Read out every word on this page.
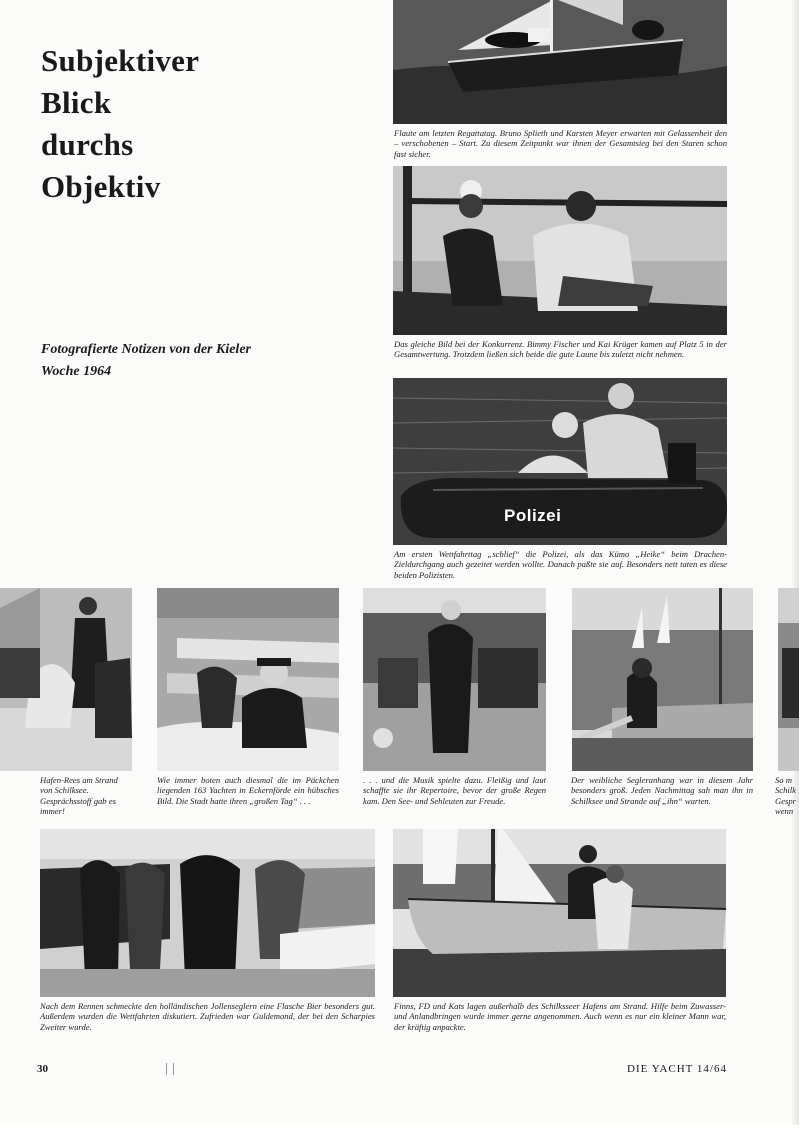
Subjektiver
Blick
durchs
Objektiv
Fotografierte Notizen von der Kieler Woche 1964
Flaute am letzten Regattatag. Bruno Splieth und Karsten Meyer erwarten mit Gelassenheit den – verschobenen – Start. Zu diesem Zeitpunkt war ihnen der Gesamtsieg bei den Staren schon fast sicher.
Das gleiche Bild bei der Konkurrenz. Bimmy Fischer und Kai Krüger kamen auf Platz 5 in der Gesamtwertung. Trotzdem ließen sich beide die gute Laune bis zuletzt nicht nehmen.
Polizei
Am ersten Wettfahrttag „schlief“ die Polizei, als das Kümo „Heike“ beim Drachen-Zieldurchgang auch gezeitet werden wollte. Danach paßte sie auf. Besonders nett taten es diese beiden Polizisten.
Hafen-Rees am Strand von Schilksee. Gesprächsstoff gab es immer!
Wie immer boten auch diesmal die im Päckchen liegenden 163 Yachten in Eckernförde ein hübsches Bild. Die Stadt hatte ihren „großen Tag“ . . .
. . . und die Musik spielte dazu. Fleißig und laut schaffte sie ihr Repertoire, bevor der große Regen kam. Den See- und Sehleuten zur Freude.
Der weibliche Segleranhang war in diesem Jahr besonders groß. Jeden Nachmittag sah man ihn in Schilksee und Strande auf „ihn“ warten.
So m Schilk Gespr wenn
Nach dem Rennen schmeckte den holländischen Jollenseglern eine Flasche Bier besonders gut. Außerdem wurden die Wettfahrten diskutiert. Zufrieden war Guldemond, der bei den Scharpies Zweiter wurde.
Finns, FD und Kats lagen außerhalb des Schilksseer Hafens am Strand. Hilfe beim Zuwasser- und Anlandbringen wurde immer gerne angenommen. Auch wenn es nur ein kleiner Mann war, der kräftig anpackte.
30	DIE YACHT 14/64
